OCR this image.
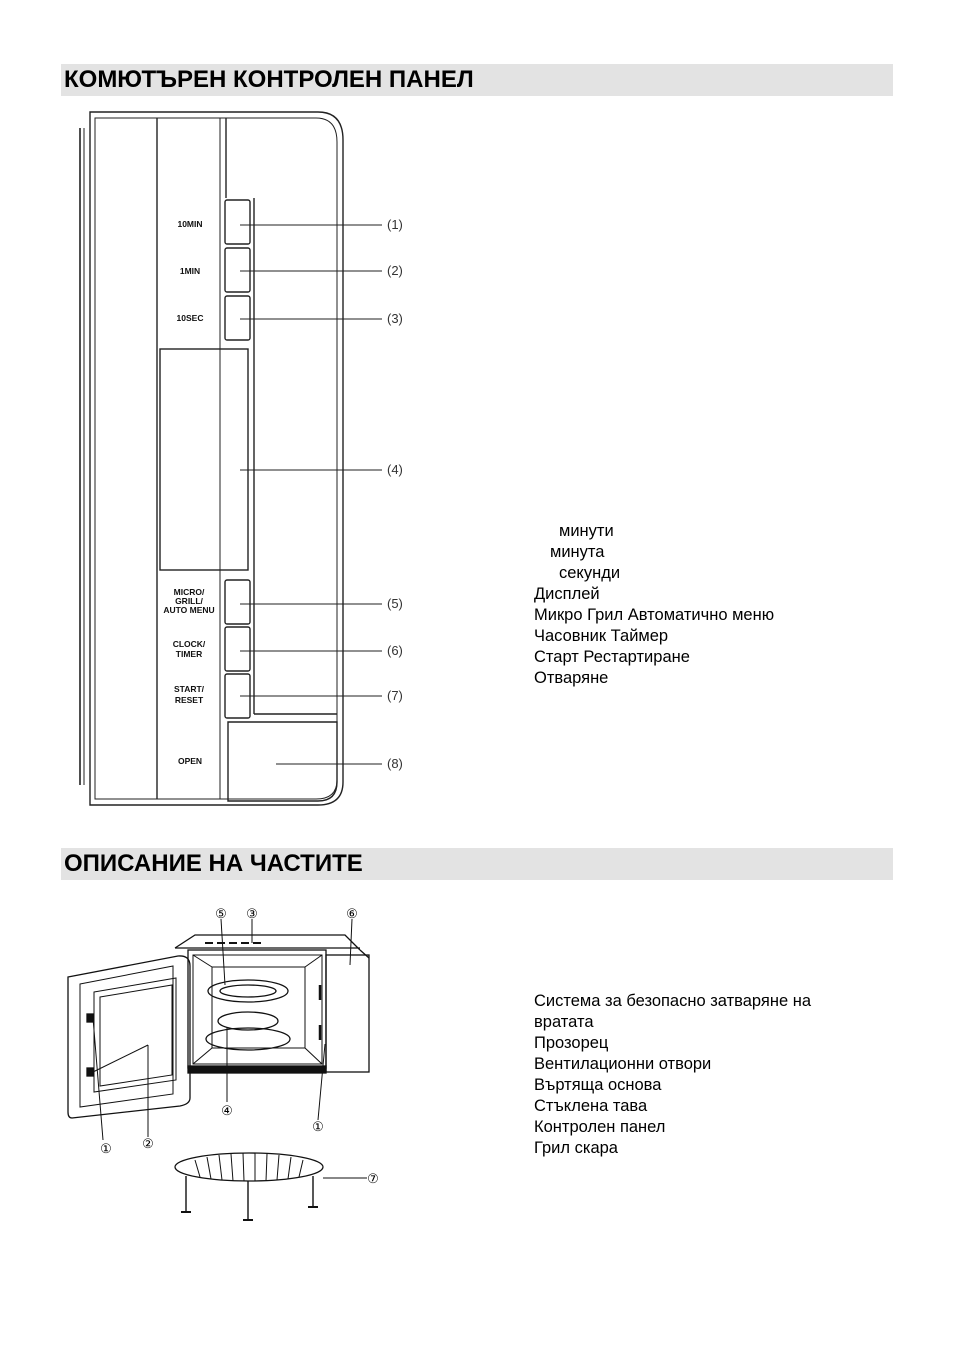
КОМЮТЪРЕН КОНТРОЛЕН ПАНЕЛ
ОПИСАНИЕ НА ЧАСТИТЕ
10MIN
1MIN
10SEC
MICRO/
GRILL/
AUTO MENU
CLOCK/
TIMER
START/
RESET
OPEN
(1)
(2)
(3)
(4)
(5)
(6)
(7)
(8)
⑤ ③	⑥
④
①
① ②
⑦
минути
минута
секунди
Дисплей
Микро Грил Автоматично меню
Часовник Таймер
Старт Рестартиране
Отваряне
Система за безопасно затваряне на
вратата
Прозорец
Вентилационни отвори
Въртяща основа
Стъклена тава
Контролен панел
Грил скара
